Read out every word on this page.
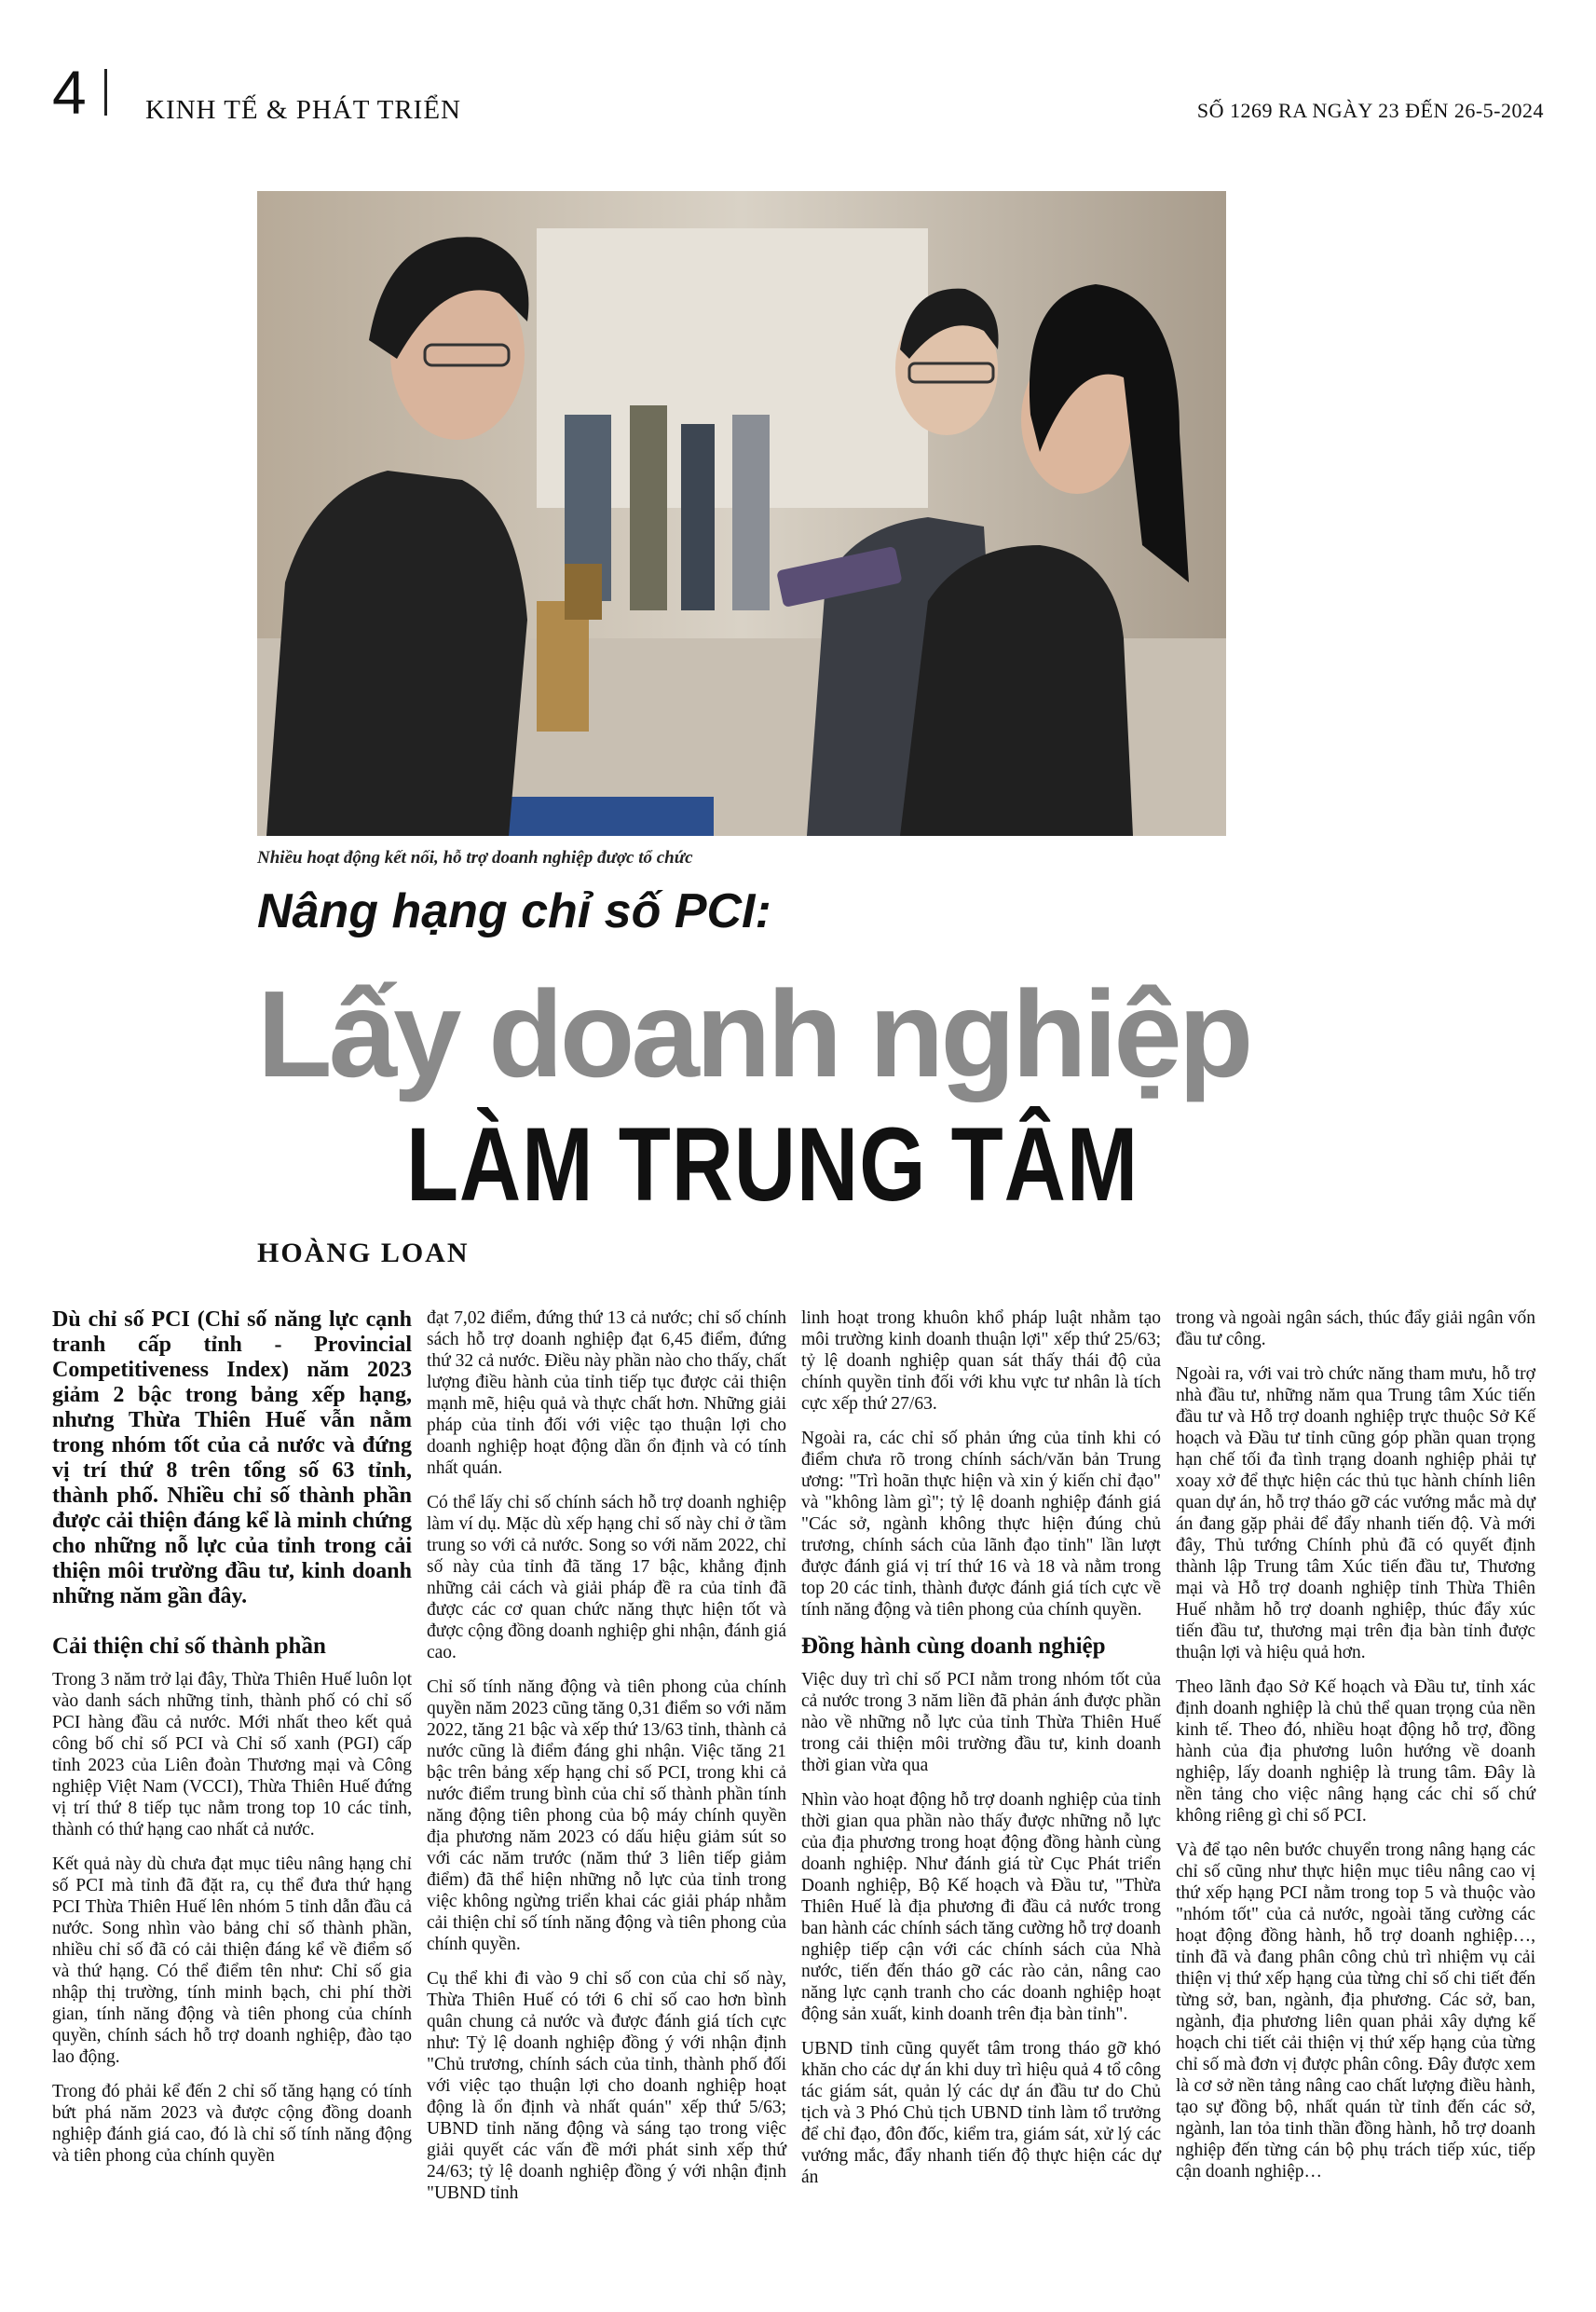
4 KINH TẾ & PHÁT TRIỂN	SỐ 1269 RA NGÀY 23 ĐẾN 26-5-2024
Nhiều hoạt động kết nối, hỗ trợ doanh nghiệp được tổ chức
Nâng hạng chỉ số PCI:
Lấy doanh nghiệp
LÀM TRUNG TÂM
HOÀNG LOAN

Dù chỉ số PCI (Chỉ số năng lực cạnh tranh cấp tỉnh - Provincial Competitiveness Index) năm 2023 giảm 2 bậc trong bảng xếp hạng, nhưng Thừa Thiên Huế vẫn nằm trong nhóm tốt của cả nước và đứng vị trí thứ 8 trên tổng số 63 tỉnh, thành phố. Nhiều chỉ số thành phần được cải thiện đáng kể là minh chứng cho những nỗ lực của tỉnh trong cải thiện môi trường đầu tư, kinh doanh những năm gần đây.

Cải thiện chỉ số thành phần

Trong 3 năm trở lại đây, Thừa Thiên Huế luôn lọt vào danh sách những tỉnh, thành phố có chỉ số PCI hàng đầu cả nước. Mới nhất theo kết quả công bố chỉ số PCI và Chỉ số xanh (PGI) cấp tỉnh 2023 của Liên đoàn Thương mại và Công nghiệp Việt Nam (VCCI), Thừa Thiên Huế đứng vị trí thứ 8 tiếp tục nằm trong top 10 các tỉnh, thành có thứ hạng cao nhất cả nước.

Kết quả này dù chưa đạt mục tiêu nâng hạng chỉ số PCI mà tỉnh đã đặt ra, cụ thể đưa thứ hạng PCI Thừa Thiên Huế lên nhóm 5 tỉnh dẫn đầu cả nước. Song nhìn vào bảng chỉ số thành phần, nhiều chỉ số đã có cải thiện đáng kể về điểm số và thứ hạng. Có thể điểm tên như: Chỉ số gia nhập thị trường, tính minh bạch, chi phí thời gian, tính năng động và tiên phong của chính quyền, chính sách hỗ trợ doanh nghiệp, đào tạo lao động.

Trong đó phải kể đến 2 chỉ số tăng hạng có tính bứt phá năm 2023 và được cộng đồng doanh nghiệp đánh giá cao, đó là chỉ số tính năng động và tiên phong của chính quyền

đạt 7,02 điểm, đứng thứ 13 cả nước; chỉ số chính sách hỗ trợ doanh nghiệp đạt 6,45 điểm, đứng thứ 32 cả nước. Điều này phần nào cho thấy, chất lượng điều hành của tỉnh tiếp tục được cải thiện mạnh mẽ, hiệu quả và thực chất hơn. Những giải pháp của tỉnh đối với việc tạo thuận lợi cho doanh nghiệp hoạt động dần ổn định và có tính nhất quán.

Có thể lấy chỉ số chính sách hỗ trợ doanh nghiệp làm ví dụ. Mặc dù xếp hạng chỉ số này chỉ ở tầm trung so với cả nước. Song so với năm 2022, chỉ số này của tỉnh đã tăng 17 bậc, khẳng định những cải cách và giải pháp đề ra của tỉnh đã được các cơ quan chức năng thực hiện tốt và được cộng đồng doanh nghiệp ghi nhận, đánh giá cao.

Chỉ số tính năng động và tiên phong của chính quyền năm 2023 cũng tăng 0,31 điểm so với năm 2022, tăng 21 bậc và xếp thứ 13/63 tỉnh, thành cả nước cũng là điểm đáng ghi nhận. Việc tăng 21 bậc trên bảng xếp hạng chỉ số PCI, trong khi cả nước điểm trung bình của chỉ số thành phần tính năng động tiên phong của bộ máy chính quyền địa phương năm 2023 có dấu hiệu giảm sút so với các năm trước (năm thứ 3 liên tiếp giảm điểm) đã thể hiện những nỗ lực của tỉnh trong việc không ngừng triển khai các giải pháp nhằm cải thiện chỉ số tính năng động và tiên phong của chính quyền.

Cụ thể khi đi vào 9 chỉ số con của chỉ số này, Thừa Thiên Huế có tới 6 chỉ số cao hơn bình quân chung cả nước và được đánh giá tích cực như: Tỷ lệ doanh nghiệp đồng ý với nhận định "Chủ trương, chính sách của tỉnh, thành phố đối với việc tạo thuận lợi cho doanh nghiệp hoạt động là ổn định và nhất quán" xếp thứ 5/63; UBND tỉnh năng động và sáng tạo trong việc giải quyết các vấn đề mới phát sinh xếp thứ 24/63; tỷ lệ doanh nghiệp đồng ý với nhận định "UBND tỉnh

linh hoạt trong khuôn khổ pháp luật nhằm tạo môi trường kinh doanh thuận lợi" xếp thứ 25/63; tỷ lệ doanh nghiệp quan sát thấy thái độ của chính quyền tỉnh đối với khu vực tư nhân là tích cực xếp thứ 27/63.

Ngoài ra, các chỉ số phản ứng của tỉnh khi có điểm chưa rõ trong chính sách/văn bản Trung ương: "Trì hoãn thực hiện và xin ý kiến chỉ đạo" và "không làm gì"; tỷ lệ doanh nghiệp đánh giá "Các sở, ngành không thực hiện đúng chủ trương, chính sách của lãnh đạo tỉnh" lần lượt được đánh giá vị trí thứ 16 và 18 và nằm trong top 20 các tỉnh, thành được đánh giá tích cực về tính năng động và tiên phong của chính quyền.

Đồng hành cùng doanh nghiệp

Việc duy trì chỉ số PCI nằm trong nhóm tốt của cả nước trong 3 năm liền đã phản ánh được phần nào về những nỗ lực của tỉnh Thừa Thiên Huế trong cải thiện môi trường đầu tư, kinh doanh thời gian vừa qua

Nhìn vào hoạt động hỗ trợ doanh nghiệp của tỉnh thời gian qua phần nào thấy được những nỗ lực của địa phương trong hoạt động đồng hành cùng doanh nghiệp. Như đánh giá từ Cục Phát triển Doanh nghiệp, Bộ Kế hoạch và Đầu tư, "Thừa Thiên Huế là địa phương đi đầu cả nước trong ban hành các chính sách tăng cường hỗ trợ doanh nghiệp tiếp cận với các chính sách của Nhà nước, tiến đến tháo gỡ các rào cản, nâng cao năng lực cạnh tranh cho các doanh nghiệp hoạt động sản xuất, kinh doanh trên địa bàn tỉnh".

UBND tỉnh cũng quyết tâm trong tháo gỡ khó khăn cho các dự án khi duy trì hiệu quả 4 tổ công tác giám sát, quản lý các dự án đầu tư do Chủ tịch và 3 Phó Chủ tịch UBND tỉnh làm tổ trưởng để chỉ đạo, đôn đốc, kiểm tra, giám sát, xử lý các vướng mắc, đẩy nhanh tiến độ thực hiện các dự án

trong và ngoài ngân sách, thúc đẩy giải ngân vốn đầu tư công.

Ngoài ra, với vai trò chức năng tham mưu, hỗ trợ nhà đầu tư, những năm qua Trung tâm Xúc tiến đầu tư và Hỗ trợ doanh nghiệp trực thuộc Sở Kế hoạch và Đầu tư tỉnh cũng góp phần quan trọng hạn chế tối đa tình trạng doanh nghiệp phải tự xoay xở để thực hiện các thủ tục hành chính liên quan dự án, hỗ trợ tháo gỡ các vướng mắc mà dự án đang gặp phải để đẩy nhanh tiến độ. Và mới đây, Thủ tướng Chính phủ đã có quyết định thành lập Trung tâm Xúc tiến đầu tư, Thương mại và Hỗ trợ doanh nghiệp tỉnh Thừa Thiên Huế nhằm hỗ trợ doanh nghiệp, thúc đẩy xúc tiến đầu tư, thương mại trên địa bàn tỉnh được thuận lợi và hiệu quả hơn.

Theo lãnh đạo Sở Kế hoạch và Đầu tư, tỉnh xác định doanh nghiệp là chủ thể quan trọng của nền kinh tế. Theo đó, nhiều hoạt động hỗ trợ, đồng hành của địa phương luôn hướng về doanh nghiệp, lấy doanh nghiệp là trung tâm. Đây là nền tảng cho việc nâng hạng các chỉ số chứ không riêng gì chỉ số PCI.

Và để tạo nên bước chuyển trong nâng hạng các chỉ số cũng như thực hiện mục tiêu nâng cao vị thứ xếp hạng PCI nằm trong top 5 và thuộc vào "nhóm tốt" của cả nước, ngoài tăng cường các hoạt động đồng hành, hỗ trợ doanh nghiệp…, tỉnh đã và đang phân công chủ trì nhiệm vụ cải thiện vị thứ xếp hạng của từng chỉ số chi tiết đến từng sở, ban, ngành, địa phương. Các sở, ban, ngành, địa phương liên quan phải xây dựng kế hoạch chi tiết cải thiện vị thứ xếp hạng của từng chỉ số mà đơn vị được phân công. Đây được xem là cơ sở nền tảng nâng cao chất lượng điều hành, tạo sự đồng bộ, nhất quán từ tỉnh đến các sở, ngành, lan tỏa tinh thần đồng hành, hỗ trợ doanh nghiệp đến từng cán bộ phụ trách tiếp xúc, tiếp cận doanh nghiệp…
